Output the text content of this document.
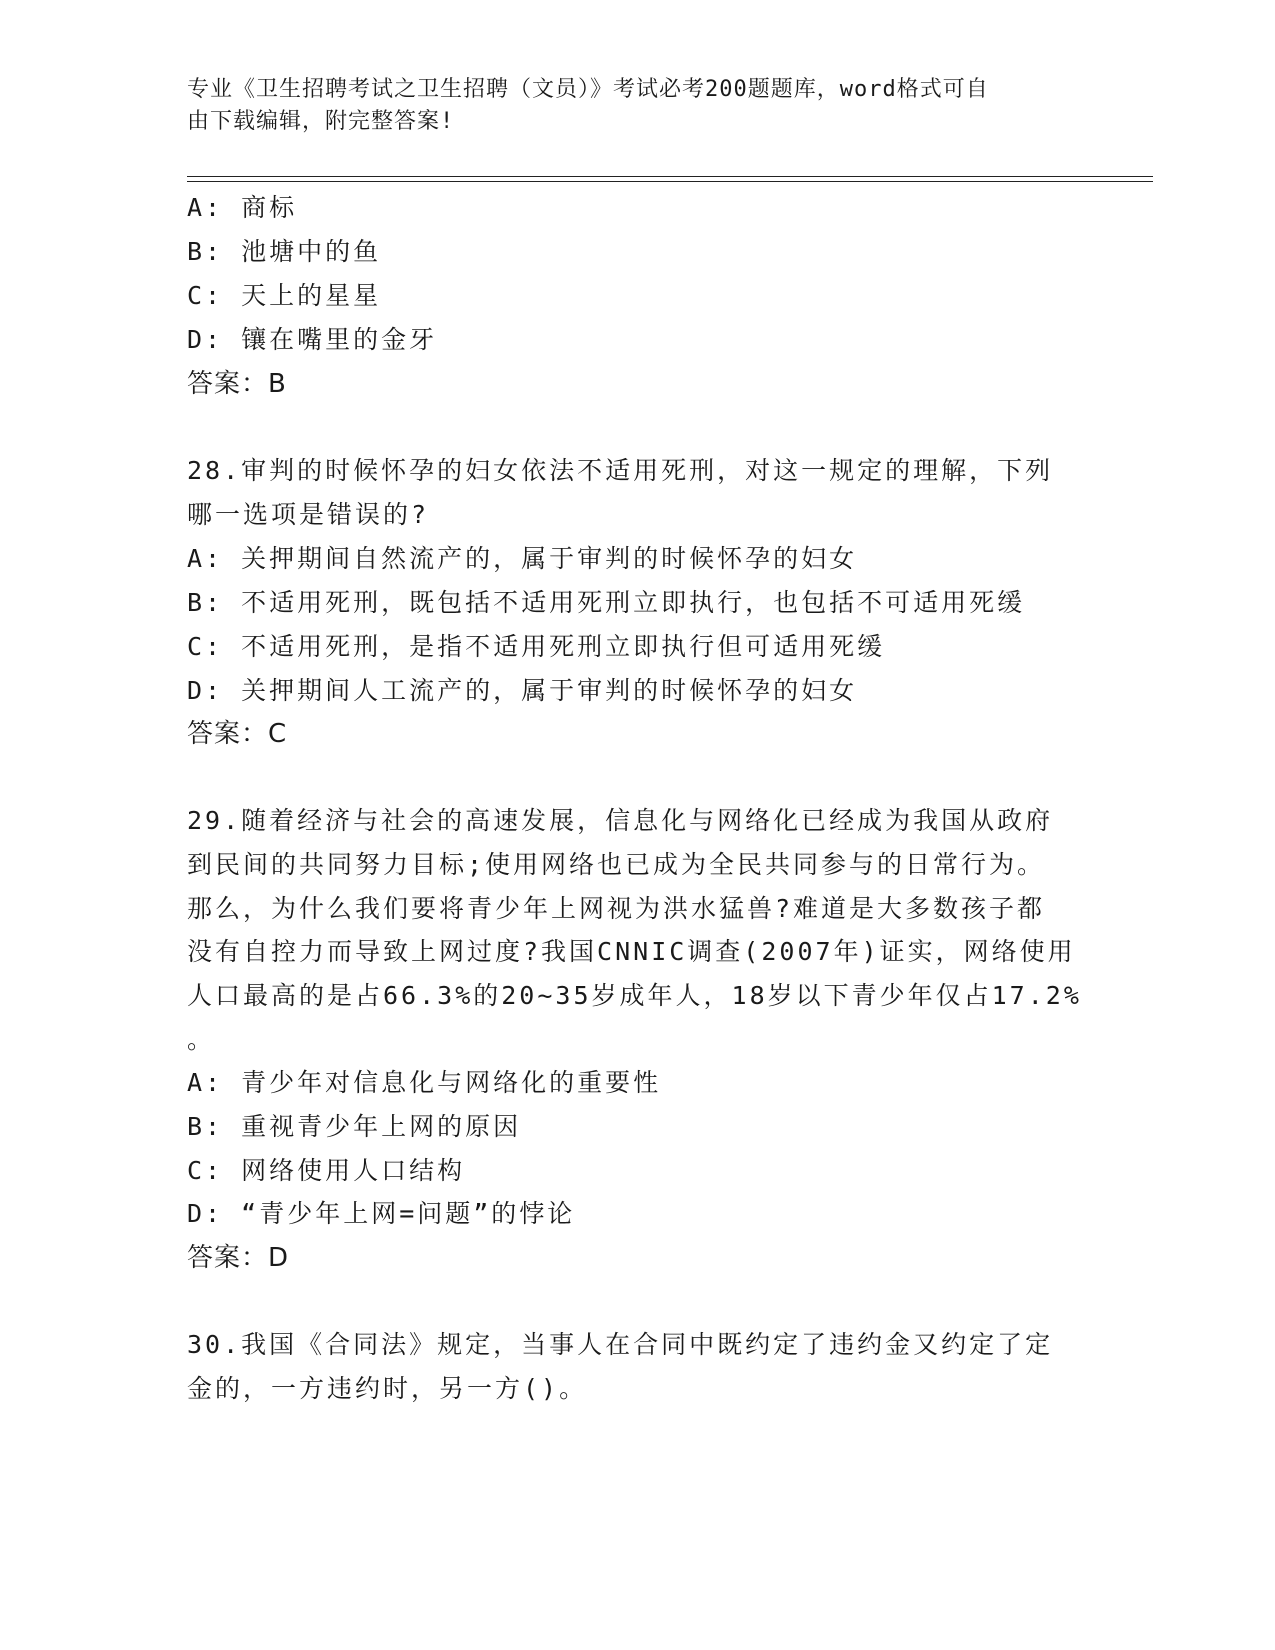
专业《卫生招聘考试之卫生招聘（文员）》考试必考200题题库，word格式可自
由下载编辑，附完整答案!
A: 商标
B: 池塘中的鱼
C: 天上的星星
D: 镶在嘴里的金牙
答案：B
28.审判的时候怀孕的妇女依法不适用死刑，对这一规定的理解，下列
哪一选项是错误的?
A: 关押期间自然流产的，属于审判的时候怀孕的妇女
B: 不适用死刑，既包括不适用死刑立即执行，也包括不可适用死缓
C: 不适用死刑，是指不适用死刑立即执行但可适用死缓
D: 关押期间人工流产的，属于审判的时候怀孕的妇女
答案：C
29.随着经济与社会的高速发展，信息化与网络化已经成为我国从政府
到民间的共同努力目标;使用网络也已成为全民共同参与的日常行为。
那么，为什么我们要将青少年上网视为洪水猛兽?难道是大多数孩子都
没有自控力而导致上网过度?我国CNNIC调查(2007年)证实，网络使用
人口最高的是占66.3%的20~35岁成年人，18岁以下青少年仅占17.2%
。
A: 青少年对信息化与网络化的重要性
B: 重视青少年上网的原因
C: 网络使用人口结构
D: “青少年上网=问题”的悖论
答案：D
30.我国《合同法》规定，当事人在合同中既约定了违约金又约定了定
金的，一方违约时，另一方()。
